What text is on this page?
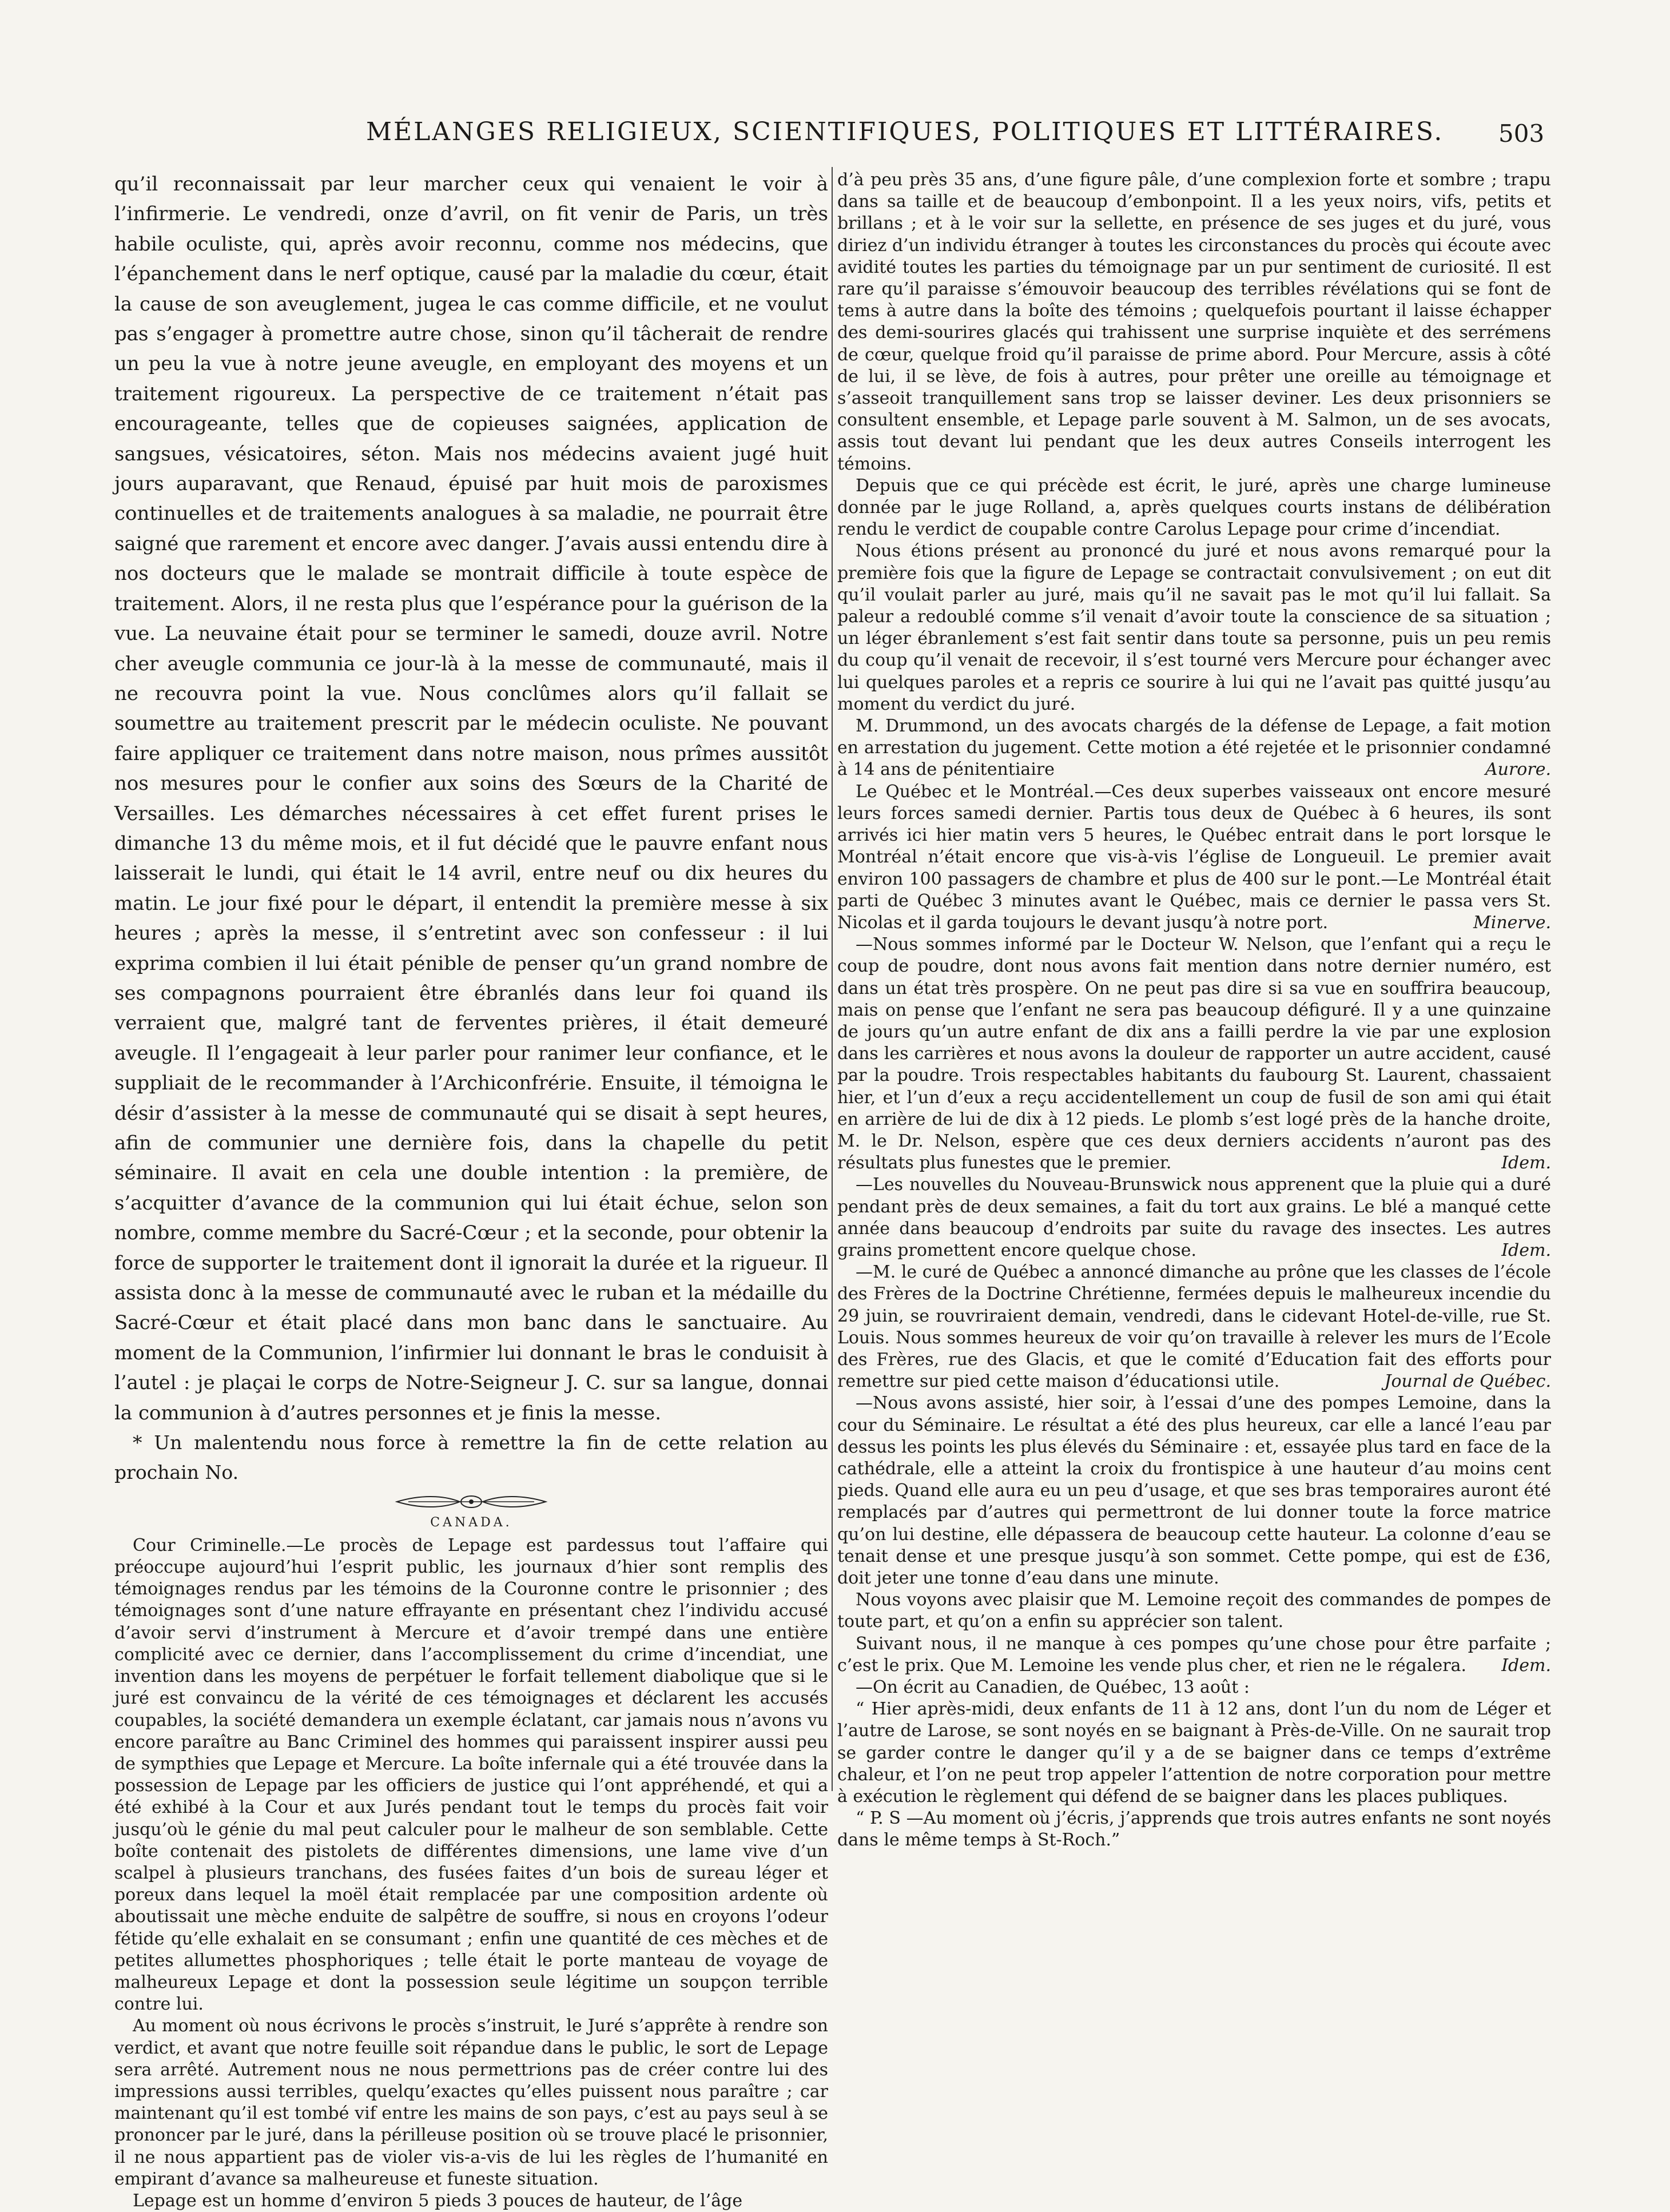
MÉLANGES RELIGIEUX, SCIENTIFIQUES, POLITIQUES ET LITTÉRAIRES. 503

qu’il reconnaissait par leur marcher ceux qui venaient le voir à l’infirmerie. Le vendredi, onze d’avril, on fit venir de Paris, un très habile oculiste, qui, après avoir reconnu, comme nos médecins, que l’épanchement dans le nerf optique, causé par la maladie du cœur, était la cause de son aveuglement, jugea le cas comme difficile, et ne voulut pas s’engager à promettre autre chose, sinon qu’il tâcherait de rendre un peu la vue à notre jeune aveugle, en employant des moyens et un traitement rigoureux. La perspective de ce traitement n’était pas encourageante, telles que de copieuses saignées, application de sangsues, vésicatoires, séton. Mais nos médecins avaient jugé huit jours auparavant, que Renaud, épuisé par huit mois de paroxismes continuelles et de traitements analogues à sa maladie, ne pourrait être saigné que rarement et encore avec danger. J’avais aussi entendu dire à nos docteurs que le malade se montrait difficile à toute espèce de traitement. Alors, il ne resta plus que l’espérance pour la guérison de la vue. La neuvaine était pour se terminer le samedi, douze avril. Notre cher aveugle communia ce jour-là à la messe de communauté, mais il ne recouvra point la vue. Nous conclûmes alors qu’il fallait se soumettre au traitement prescrit par le médecin oculiste. Ne pouvant faire appliquer ce traitement dans notre maison, nous prîmes aussitôt nos mesures pour le confier aux soins des Sœurs de la Charité de Versailles. Les démarches nécessaires à cet effet furent prises le dimanche 13 du même mois, et il fut décidé que le pauvre enfant nous laisserait le lundi, qui était le 14 avril, entre neuf ou dix heures du matin. Le jour fixé pour le départ, il entendit la première messe à six heures ; après la messe, il s’entretint avec son confesseur : il lui exprima combien il lui était pénible de penser qu’un grand nombre de ses compagnons pourraient être ébranlés dans leur foi quand ils verraient que, malgré tant de ferventes prières, il était demeuré aveugle. Il l’engageait à leur parler pour ranimer leur confiance, et le suppliait de le recommander à l’Archiconfrérie. Ensuite, il témoigna le désir d’assister à la messe de communauté qui se disait à sept heures, afin de communier une dernière fois, dans la chapelle du petit séminaire. Il avait en cela une double intention : la première, de s’acquitter d’avance de la communion qui lui était échue, selon son nombre, comme membre du Sacré-Cœur ; et la seconde, pour obtenir la force de supporter le traitement dont il ignorait la durée et la rigueur. Il assista donc à la messe de communauté avec le ruban et la médaille du Sacré-Cœur et était placé dans mon banc dans le sanctuaire. Au moment de la Communion, l’infirmier lui donnant le bras le conduisit à l’autel : je plaçai le corps de Notre-Seigneur J. C. sur sa langue, donnai la communion à d’autres personnes et je finis la messe.

* Un malentendu nous force à remettre la fin de cette relation au prochain No.

CANADA.

Cour Criminelle.—Le procès de Lepage est pardessus tout l’affaire qui préoccupe aujourd’hui l’esprit public, les journaux d’hier sont remplis des témoignages rendus par les témoins de la Couronne contre le prisonnier ; des témoignages sont d’une nature effrayante en présentant chez l’individu accusé d’avoir servi d’instrument à Mercure et d’avoir trempé dans une entière complicité avec ce dernier, dans l’accomplissement du crime d’incendiat, une invention dans les moyens de perpétuer le forfait tellement diabolique que si le juré est convaincu de la vérité de ces témoignages et déclarent les accusés coupables, la société demandera un exemple éclatant, car jamais nous n’avons vu encore paraître au Banc Criminel des hommes qui paraissent inspirer aussi peu de sympthies que Lepage et Mercure. La boîte infernale qui a été trouvée dans la possession de Lepage par les officiers de justice qui l’ont appréhendé, et qui a été exhibé à la Cour et aux Jurés pendant tout le temps du procès fait voir jusqu’où le génie du mal peut calculer pour le malheur de son semblable. Cette boîte contenait des pistolets de différentes dimensions, une lame vive d’un scalpel à plusieurs tranchans, des fusées faites d’un bois de sureau léger et poreux dans lequel la moël était remplacée par une composition ardente où aboutissait une mèche enduite de salpêtre de souffre, si nous en croyons l’odeur fétide qu’elle exhalait en se consumant ; enfin une quantité de ces mèches et de petites allumettes phosphoriques ; telle était le porte manteau de voyage de malheureux Lepage et dont la possession seule légitime un soupçon terrible contre lui.

Au moment où nous écrivons le procès s’instruit, le Juré s’apprête à rendre son verdict, et avant que notre feuille soit répandue dans le public, le sort de Lepage sera arrêté. Autrement nous ne nous permettrions pas de créer contre lui des impressions aussi terribles, quelqu’exactes qu’elles puissent nous paraître ; car maintenant qu’il est tombé vif entre les mains de son pays, c’est au pays seul à se prononcer par le juré, dans la périlleuse position où se trouve placé le prisonnier, il ne nous appartient pas de violer vis-a-vis de lui les règles de l’humanité en empirant d’avance sa malheureuse et funeste situation.

Lepage est un homme d’environ 5 pieds 3 pouces de hauteur, de l’âge

d’à peu près 35 ans, d’une figure pâle, d’une complexion forte et sombre ; trapu dans sa taille et de beaucoup d’embonpoint. Il a les yeux noirs, vifs, petits et brillans ; et à le voir sur la sellette, en présence de ses juges et du juré, vous diriez d’un individu étranger à toutes les circonstances du procès qui écoute avec avidité toutes les parties du témoignage par un pur sentiment de curiosité. Il est rare qu’il paraisse s’émouvoir beaucoup des terribles révélations qui se font de tems à autre dans la boîte des témoins ; quelquefois pourtant il laisse échapper des demi-sourires glacés qui trahissent une surprise inquiète et des serrémens de cœur, quelque froid qu’il paraisse de prime abord. Pour Mercure, assis à côté de lui, il se lève, de fois à autres, pour prêter une oreille au témoignage et s’asseoit tranquillement sans trop se laisser deviner. Les deux prisonniers se consultent ensemble, et Lepage parle souvent à M. Salmon, un de ses avocats, assis tout devant lui pendant que les deux autres Conseils interrogent les témoins.

Depuis que ce qui précède est écrit, le juré, après une charge lumineuse donnée par le juge Rolland, a, après quelques courts instans de délibération rendu le verdict de coupable contre Carolus Lepage pour crime d’incendiat.

Nous étions présent au prononcé du juré et nous avons remarqué pour la première fois que la figure de Lepage se contractait convulsivement ; on eut dit qu’il voulait parler au juré, mais qu’il ne savait pas le mot qu’il lui fallait. Sa paleur a redoublé comme s’il venait d’avoir toute la conscience de sa situation ; un léger ébranlement s’est fait sentir dans toute sa personne, puis un peu remis du coup qu’il venait de recevoir, il s’est tourné vers Mercure pour échanger avec lui quelques paroles et a repris ce sourire à lui qui ne l’avait pas quitté jusqu’au moment du verdict du juré.

M. Drummond, un des avocats chargés de la défense de Lepage, a fait motion en arrestation du jugement. Cette motion a été rejetée et le prisonnier condamné à 14 ans de pénitentiaire	Aurore.

Le Québec et le Montréal.—Ces deux superbes vaisseaux ont encore mesuré leurs forces samedi dernier. Partis tous deux de Québec à 6 heures, ils sont arrivés ici hier matin vers 5 heures, le Québec entrait dans le port lorsque le Montréal n’était encore que vis-à-vis l’église de Longueuil. Le premier avait environ 100 passagers de chambre et plus de 400 sur le pont.—Le Montréal était parti de Québec 3 minutes avant le Québec, mais ce dernier le passa vers St. Nicolas et il garda toujours le devant jusqu’à notre port.	Minerve.

—Nous sommes informé par le Docteur W. Nelson, que l’enfant qui a reçu le coup de poudre, dont nous avons fait mention dans notre dernier numéro, est dans un état très prospère. On ne peut pas dire si sa vue en souffrira beaucoup, mais on pense que l’enfant ne sera pas beaucoup défiguré. Il y a une quinzaine de jours qu’un autre enfant de dix ans a failli perdre la vie par une explosion dans les carrières et nous avons la douleur de rapporter un autre accident, causé par la poudre. Trois respectables habitants du faubourg St. Laurent, chassaient hier, et l’un d’eux a reçu accidentellement un coup de fusil de son ami qui était en arrière de lui de dix à 12 pieds. Le plomb s’est logé près de la hanche droite, M. le Dr. Nelson, espère que ces deux derniers accidents n’auront pas des résultats plus funestes que le premier.	Idem.

—Les nouvelles du Nouveau-Brunswick nous apprenent que la pluie qui a duré pendant près de deux semaines, a fait du tort aux grains. Le blé a manqué cette année dans beaucoup d’endroits par suite du ravage des insectes. Les autres grains promettent encore quelque chose.	Idem.

—M. le curé de Québec a annoncé dimanche au prône que les classes de l’école des Frères de la Doctrine Chrétienne, fermées depuis le malheureux incendie du 29 juin, se rouvriraient demain, vendredi, dans le cidevant Hotel-de-ville, rue St. Louis. Nous sommes heureux de voir qu’on travaille à relever les murs de l’Ecole des Frères, rue des Glacis, et que le comité d’Education fait des efforts pour remettre sur pied cette maison d’éducationsi utile.	Journal de Québec.

—Nous avons assisté, hier soir, à l’essai d’une des pompes Lemoine, dans la cour du Séminaire. Le résultat a été des plus heureux, car elle a lancé l’eau par dessus les points les plus élevés du Séminaire : et, essayée plus tard en face de la cathédrale, elle a atteint la croix du frontispice à une hauteur d’au moins cent pieds. Quand elle aura eu un peu d’usage, et que ses bras temporaires auront été remplacés par d’autres qui permettront de lui donner toute la force matrice qu’on lui destine, elle dépassera de beaucoup cette hauteur. La colonne d’eau se tenait dense et une presque jusqu’à son sommet. Cette pompe, qui est de £36, doit jeter une tonne d’eau dans une minute.

Nous voyons avec plaisir que M. Lemoine reçoit des commandes de pompes de toute part, et qu’on a enfin su apprécier son talent.

Suivant nous, il ne manque à ces pompes qu’une chose pour être parfaite ; c’est le prix. Que M. Lemoine les vende plus cher, et rien ne le régalera.	Idem.

—On écrit au Canadien, de Québec, 13 août :

“ Hier après-midi, deux enfants de 11 à 12 ans, dont l’un du nom de Léger et l’autre de Larose, se sont noyés en se baignant à Près-de-Ville. On ne saurait trop se garder contre le danger qu’il y a de se baigner dans ce temps d’extrême chaleur, et l’on ne peut trop appeler l’attention de notre corporation pour mettre à exécution le règlement qui défend de se baigner dans les places publiques.

“ P. S —Au moment où j’écris, j’apprends que trois autres enfants ne sont noyés dans le même temps à St-Roch.”
